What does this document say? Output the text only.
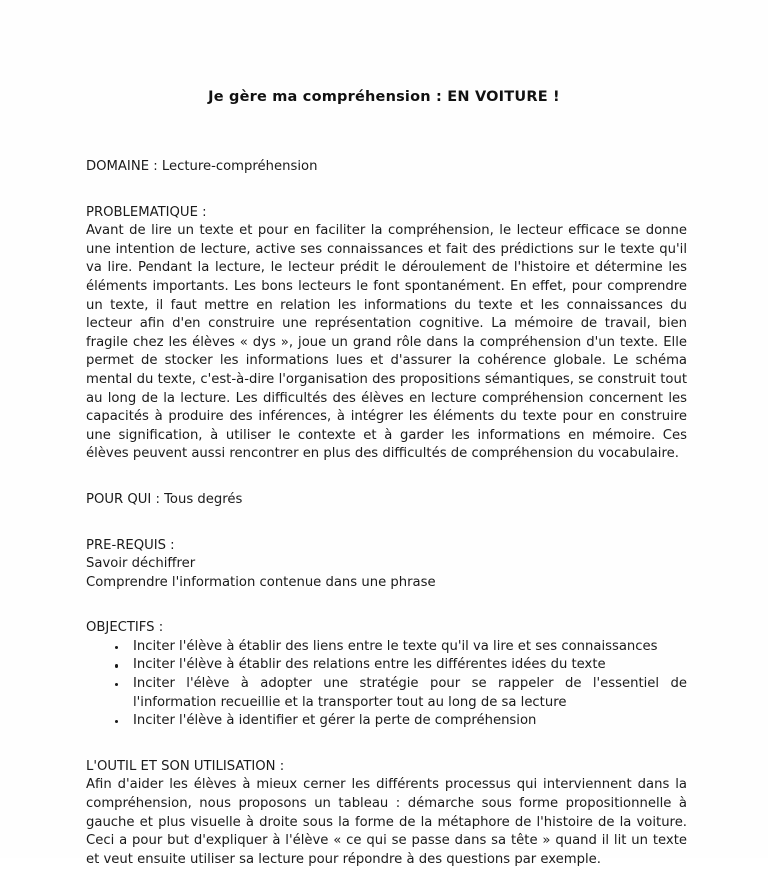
Je gère ma compréhension : EN VOITURE !
DOMAINE : Lecture-compréhension
PROBLEMATIQUE :

Avant de lire un texte et pour en faciliter la compréhension, le lecteur efficace se donne une intention de lecture, active ses connaissances et fait des prédictions sur le texte qu'il va lire. Pendant la lecture, le lecteur prédit le déroulement de l'histoire et détermine les éléments importants. Les bons lecteurs le font spontanément. En effet, pour comprendre un texte, il faut mettre en relation les informations du texte et les connaissances du lecteur afin d'en construire une représentation cognitive. La mémoire de travail, bien fragile chez les élèves « dys », joue un grand rôle dans la compréhension d'un texte. Elle permet de stocker les informations lues et d'assurer la cohérence globale. Le schéma mental du texte, c'est-à-dire l'organisation des propositions sémantiques, se construit tout au long de la lecture. Les difficultés des élèves en lecture compréhension concernent les capacités à produire des inférences, à intégrer les éléments du texte pour en construire une signification, à utiliser le contexte et à garder les informations en mémoire. Ces élèves peuvent aussi rencontrer en plus des difficultés de compréhension du vocabulaire.

POUR QUI : Tous degrés
PRE-REQUIS :
Savoir déchiffrer
Comprendre l'information contenue dans une phrase
OBJECTIFS :
Inciter l'élève à établir des liens entre le texte qu'il va lire et ses connaissances
Inciter l'élève à établir des relations entre les différentes idées du texte
Inciter l'élève à adopter une stratégie pour se rappeler de l'essentiel de l'information recueillie et la transporter tout au long de sa lecture
Inciter l'élève à identifier et gérer la perte de compréhension
L'OUTIL ET SON UTILISATION :

Afin d'aider les élèves à mieux cerner les différents processus qui interviennent dans la compréhension, nous proposons un tableau : démarche sous forme propositionnelle à gauche et plus visuelle à droite sous la forme de la métaphore de l'histoire de la voiture. Ceci a pour but d'expliquer à l'élève « ce qui se passe dans sa tête » quand il lit un texte et veut ensuite utiliser sa lecture pour répondre à des questions par exemple.
